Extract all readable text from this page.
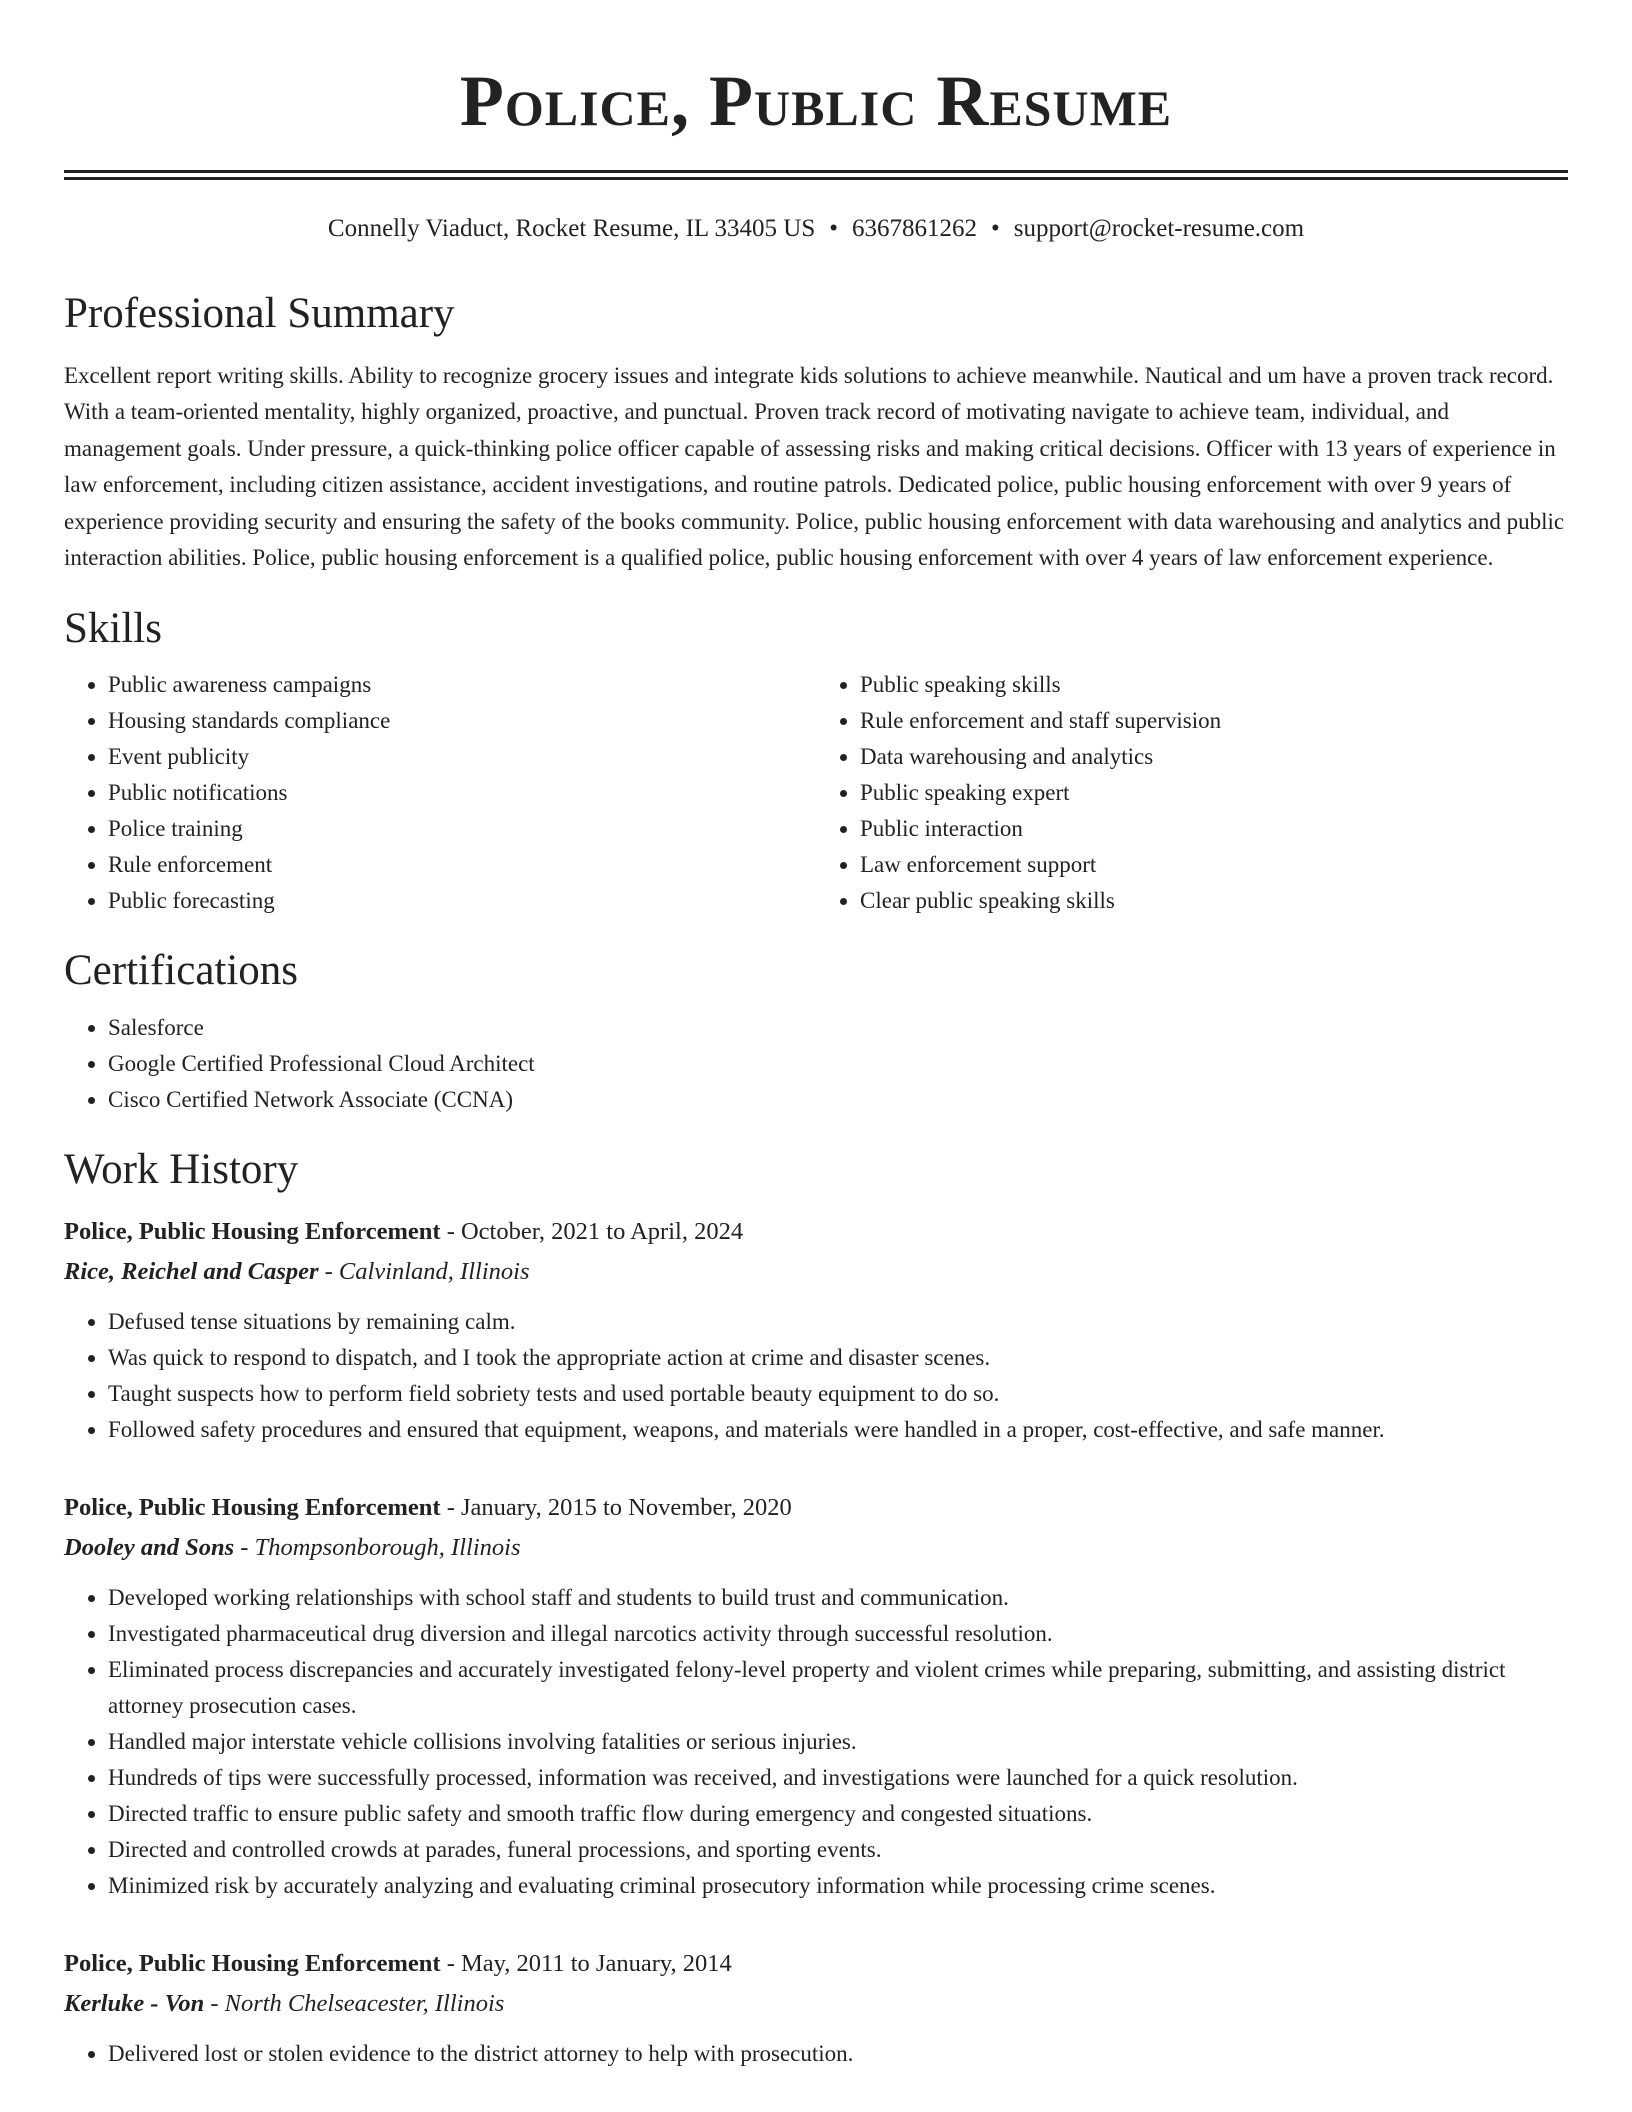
Police, Public Resume
Connelly Viaduct, Rocket Resume, IL 33405 US • 6367861262 • support@rocket-resume.com
Professional Summary

Excellent report writing skills. Ability to recognize grocery issues and integrate kids solutions to achieve meanwhile. Nautical and um have a proven track record. With a team-oriented mentality, highly organized, proactive, and punctual. Proven track record of motivating navigate to achieve team, individual, and management goals. Under pressure, a quick-thinking police officer capable of assessing risks and making critical decisions. Officer with 13 years of experience in law enforcement, including citizen assistance, accident investigations, and routine patrols. Dedicated police, public housing enforcement with over 9 years of experience providing security and ensuring the safety of the books community. Police, public housing enforcement with data warehousing and analytics and public interaction abilities. Police, public housing enforcement is a qualified police, public housing enforcement with over 4 years of law enforcement experience.

Skills
• Public awareness campaigns
• Housing standards compliance
• Event publicity
• Public notifications
• Police training
• Rule enforcement
• Public forecasting
• Public speaking skills
• Rule enforcement and staff supervision
• Data warehousing and analytics
• Public speaking expert
• Public interaction
• Law enforcement support
• Clear public speaking skills
Certifications
• Salesforce
• Google Certified Professional Cloud Architect
• Cisco Certified Network Associate (CCNA)
Work History
Police, Public Housing Enforcement - October, 2021 to April, 2024
Rice, Reichel and Casper - Calvinland, Illinois
• Defused tense situations by remaining calm.
• Was quick to respond to dispatch, and I took the appropriate action at crime and disaster scenes.
• Taught suspects how to perform field sobriety tests and used portable beauty equipment to do so.
• Followed safety procedures and ensured that equipment, weapons, and materials were handled in a proper, cost-effective, and safe manner.
Police, Public Housing Enforcement - January, 2015 to November, 2020
Dooley and Sons - Thompsonborough, Illinois
• Developed working relationships with school staff and students to build trust and communication.
• Investigated pharmaceutical drug diversion and illegal narcotics activity through successful resolution.
• Eliminated process discrepancies and accurately investigated felony-level property and violent crimes while preparing, submitting, and assisting district attorney prosecution cases.
• Handled major interstate vehicle collisions involving fatalities or serious injuries.
• Hundreds of tips were successfully processed, information was received, and investigations were launched for a quick resolution.
• Directed traffic to ensure public safety and smooth traffic flow during emergency and congested situations.
• Directed and controlled crowds at parades, funeral processions, and sporting events.
• Minimized risk by accurately analyzing and evaluating criminal prosecutory information while processing crime scenes.
Police, Public Housing Enforcement - May, 2011 to January, 2014
Kerluke - Von - North Chelseacester, Illinois
• Delivered lost or stolen evidence to the district attorney to help with prosecution.
